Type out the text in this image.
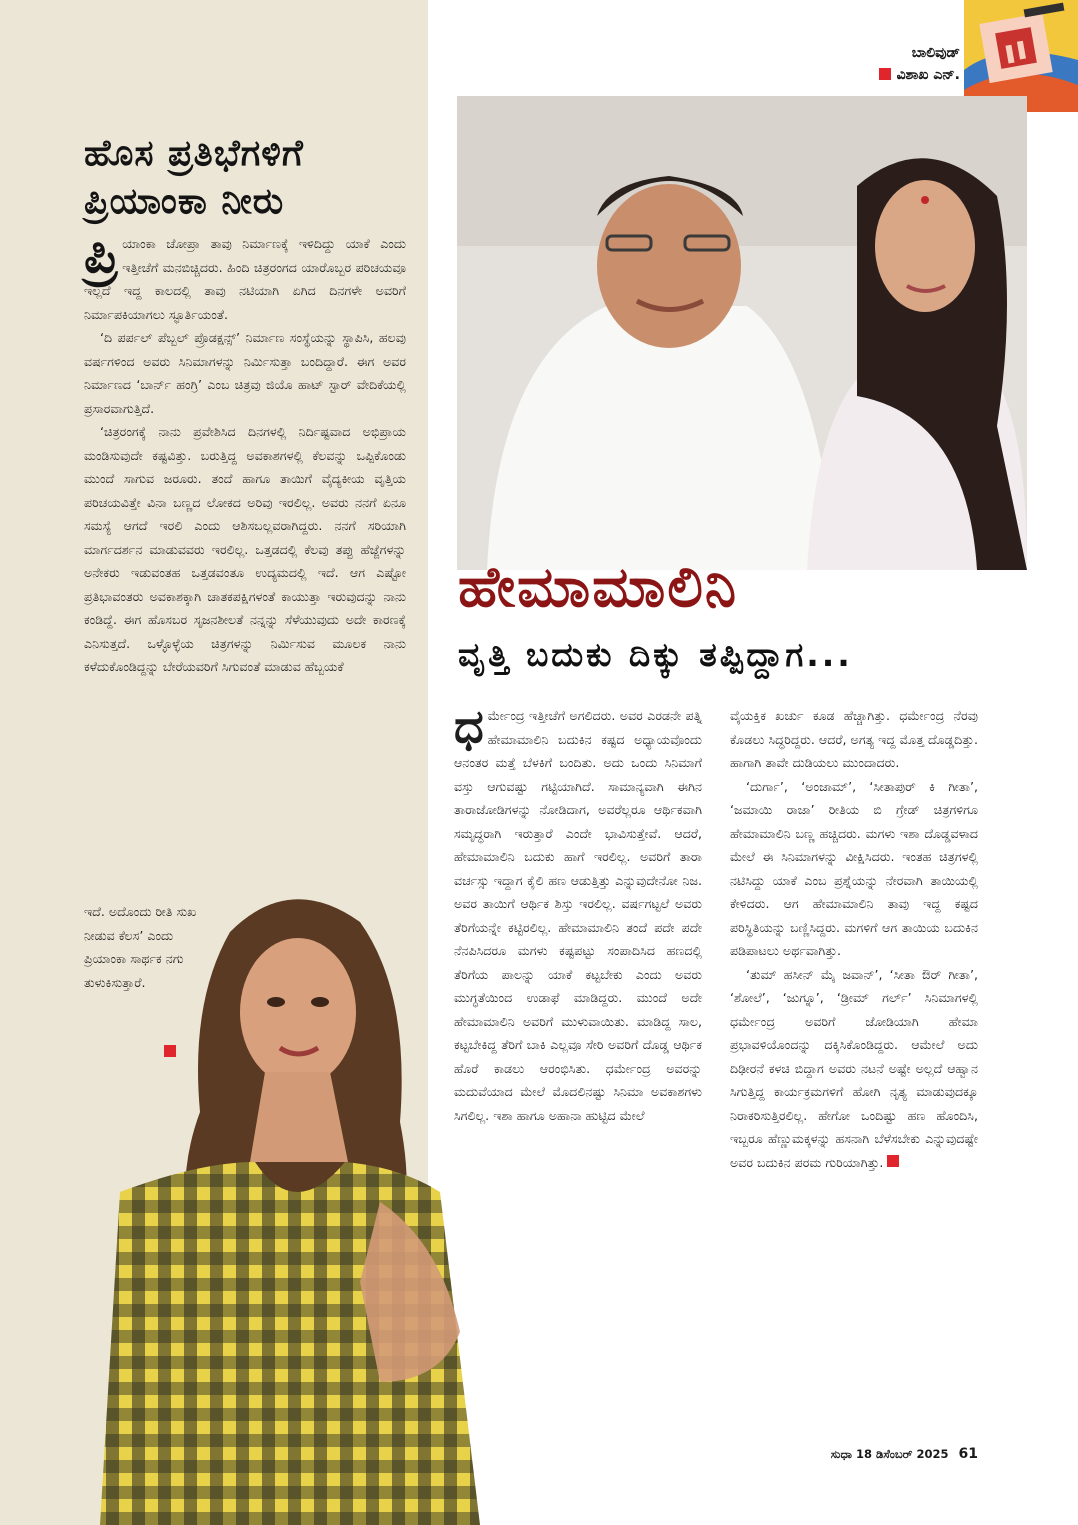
ಬಾಲಿವುಡ್
ವಿಶಾಖ ಎನ್.
ಹೊಸ ಪ್ರತಿಭೆಗಳಿಗೆ
ಪ್ರಿಯಾಂಕಾ ನೀರು

ಪ್ರಿ ಯಾಂಕಾ ಚೋಪ್ರಾ ತಾವು ನಿರ್ಮಾಣಕ್ಕೆ ಇಳಿದಿದ್ದು ಯಾಕೆ ಎಂದು ಇತ್ತೀಚೆಗೆ ಮನಬಿಚ್ಚಿದರು. ಹಿಂದಿ ಚಿತ್ರರಂಗದ ಯಾರೊಬ್ಬರ ಪರಿಚಯವೂ ಇಲ್ಲದೆ ಇದ್ದ ಕಾಲದಲ್ಲಿ ತಾವು ನಟಿಯಾಗಿ ಏಗಿದ ದಿನಗಳೇ ಅವರಿಗೆ ನಿರ್ಮಾಪಕಿಯಾಗಲು ಸ್ಫೂರ್ತಿಯಂತೆ.

‘ದಿ ಪರ್ಪಲ್ ಪೆಬ್ಬಲ್ ಪ್ರೊಡಕ್ಷನ್ಸ್’ ನಿರ್ಮಾಣ ಸಂಸ್ಥೆಯನ್ನು ಸ್ಥಾಪಿಸಿ, ಹಲವು ವರ್ಷಗಳಿಂದ ಅವರು ಸಿನಿಮಾಗಳನ್ನು ನಿರ್ಮಿಸುತ್ತಾ ಬಂದಿದ್ದಾರೆ. ಈಗ ಅವರ ನಿರ್ಮಾಣದ ‘ಬಾರ್ನ್ ಹಂಗ್ರಿ’ ಎಂಬ ಚಿತ್ರವು ಜಿಯೊ ಹಾಟ್ ಸ್ಟಾರ್ ವೇದಿಕೆಯಲ್ಲಿ ಪ್ರಸಾರವಾಗುತ್ತಿದೆ.

‘ಚಿತ್ರರಂಗಕ್ಕೆ ನಾನು ಪ್ರವೇಶಿಸಿದ ದಿನಗಳಲ್ಲಿ ನಿರ್ದಿಷ್ಟವಾದ ಅಭಿಪ್ರಾಯ ಮಂಡಿಸುವುದೇ ಕಷ್ಟವಿತ್ತು. ಬರುತ್ತಿದ್ದ ಅವಕಾಶಗಳಲ್ಲಿ ಕೆಲವನ್ನು ಒಪ್ಪಿಕೊಂಡು ಮುಂದೆ ಸಾಗುವ ಜರೂರು. ತಂದೆ ಹಾಗೂ ತಾಯಿಗೆ ವೈದ್ಯಕೀಯ ವೃತ್ತಿಯ ಪರಿಚಯವಿತ್ತೇ ವಿನಾ ಬಣ್ಣದ ಲೋಕದ ಅರಿವು ಇರಲಿಲ್ಲ. ಅವರು ನನಗೆ ಏನೂ ಸಮಸ್ಯೆ ಆಗದೆ ಇರಲಿ ಎಂದು ಆಶಿಸಬಲ್ಲವರಾಗಿದ್ದರು. ನನಗೆ ಸರಿಯಾಗಿ ಮಾರ್ಗದರ್ಶನ ಮಾಡುವವರು ಇರಲಿಲ್ಲ. ಒತ್ತಡದಲ್ಲಿ ಕೆಲವು ತಪ್ಪು ಹೆಜ್ಜೆಗಳನ್ನು ಅನೇಕರು ಇಡುವಂತಹ ಒತ್ತಡವಂತೂ ಉದ್ಯಮದಲ್ಲಿ ಇದೆ. ಆಗ ಎಷ್ಟೋ ಪ್ರತಿಭಾವಂತರು ಅವಕಾಶಕ್ಕಾಗಿ ಚಾತಕಪಕ್ಷಿಗಳಂತೆ ಕಾಯುತ್ತಾ ಇರುವುದನ್ನು ನಾನು ಕಂಡಿದ್ದೆ. ಈಗ ಹೊಸಬರ ಸೃಜನಶೀಲತೆ ನನ್ನನ್ನು ಸೆಳೆಯುವುದು ಅದೇ ಕಾರಣಕ್ಕೆ ಎನಿಸುತ್ತದೆ. ಒಳ್ಳೊಳ್ಳೆಯ ಚಿತ್ರಗಳನ್ನು ನಿರ್ಮಿಸುವ ಮೂಲಕ ನಾನು ಕಳೆದುಕೊಂಡಿದ್ದನ್ನು ಬೇರೆಯವರಿಗೆ ಸಿಗುವಂತೆ ಮಾಡುವ ಹೆಬ್ಬಯಕೆ

ಇದೆ. ಅದೊಂದು ರೀತಿ ಸುಖ ನೀಡುವ ಕೆಲಸ’ ಎಂದು ಪ್ರಿಯಾಂಕಾ ಸಾರ್ಥಕ ನಗು ತುಳುಕಿಸುತ್ತಾರೆ.
ಹೇಮಾಮಾಲಿನಿ
ವೃತ್ತಿ ಬದುಕು ದಿಕ್ಕು ತಪ್ಪಿದ್ದಾಗ...

ಧರ್ಮೇಂದ್ರ ಇತ್ತೀಚೆಗೆ ಅಗಲಿದರು. ಅವರ ಎರಡನೇ ಪತ್ನಿ ಹೇಮಾಮಾಲಿನಿ ಬದುಕಿನ ಕಷ್ಟದ ಅಧ್ಯಾಯವೊಂದು ಆನಂತರ ಮತ್ತೆ ಬೆಳಕಿಗೆ ಬಂದಿತು. ಅದು ಒಂದು ಸಿನಿಮಾಗೆ ವಸ್ತು ಆಗುವಷ್ಟು ಗಟ್ಟಿಯಾಗಿದೆ. ಸಾಮಾನ್ಯವಾಗಿ ಈಗಿನ ತಾರಾಜೋಡಿಗಳನ್ನು ನೋಡಿದಾಗ, ಅವರೆಲ್ಲರೂ ಆರ್ಥಿಕವಾಗಿ ಸಮೃದ್ಧರಾಗಿ ಇರುತ್ತಾರೆ ಎಂದೇ ಭಾವಿಸುತ್ತೇವೆ. ಆದರೆ, ಹೇಮಾಮಾಲಿನಿ ಬದುಕು ಹಾಗೆ ಇರಲಿಲ್ಲ. ಅವರಿಗೆ ತಾರಾ ವರ್ಚಸ್ಸು ಇದ್ದಾಗ ಕೈಲಿ ಹಣ ಆಡುತ್ತಿತ್ತು ಎನ್ನುವುದೇನೋ ನಿಜ. ಅವರ ತಾಯಿಗೆ ಆರ್ಥಿಕ ಶಿಸ್ತು ಇರಲಿಲ್ಲ. ವರ್ಷಗಟ್ಟಲೆ ಅವರು ತೆರಿಗೆಯನ್ನೇ ಕಟ್ಟಿರಲಿಲ್ಲ. ಹೇಮಾಮಾಲಿನಿ ತಂದೆ ಪದೇ ಪದೇ ನೆನಪಿಸಿದರೂ ಮಗಳು ಕಷ್ಟಪಟ್ಟು ಸಂಪಾದಿಸಿದ ಹಣದಲ್ಲಿ ತೆರಿಗೆಯ ಪಾಲನ್ನು ಯಾಕೆ ಕಟ್ಟಬೇಕು ಎಂದು ಅವರು ಮುಗ್ಧತೆಯಿಂದ ಉಡಾಫೆ ಮಾಡಿದ್ದರು. ಮುಂದೆ ಅದೇ ಹೇಮಾಮಾಲಿನಿ ಅವರಿಗೆ ಮುಳುವಾಯಿತು. ಮಾಡಿದ್ದ ಸಾಲ, ಕಟ್ಟಬೇಕಿದ್ದ ತೆರಿಗೆ ಬಾಕಿ ಎಲ್ಲವೂ ಸೇರಿ ಅವರಿಗೆ ದೊಡ್ಡ ಆರ್ಥಿಕ ಹೊರೆ ಕಾಡಲು ಆರಂಭಿಸಿತು. ಧರ್ಮೇಂದ್ರ ಅವರನ್ನು ಮದುವೆಯಾದ ಮೇಲೆ ಮೊದಲಿನಷ್ಟು ಸಿನಿಮಾ ಅವಕಾಶಗಳು ಸಿಗಲಿಲ್ಲ. ಇಶಾ ಹಾಗೂ ಅಹಾನಾ ಹುಟ್ಟಿದ ಮೇಲೆ

ವೈಯಕ್ತಿಕ ಖರ್ಚು ಕೂಡ ಹೆಚ್ಚಾಗಿತ್ತು. ಧರ್ಮೇಂದ್ರ ನೆರವು ಕೊಡಲು ಸಿದ್ಧರಿದ್ದರು. ಆದರೆ, ಅಗತ್ಯ ಇದ್ದ ಮೊತ್ತ ದೊಡ್ಡದಿತ್ತು. ಹಾಗಾಗಿ ತಾವೇ ದುಡಿಯಲು ಮುಂದಾದರು.

‘ದುರ್ಗಾ’, ‘ಅಂಜಾಮ್’, ‘ಸೀತಾಪುರ್ ಕಿ ಗೀತಾ’, ‘ಜಮಾಯಿ ರಾಜಾ’ ರೀತಿಯ ಬಿ ಗ್ರೇಡ್ ಚಿತ್ರಗಳಿಗೂ ಹೇಮಾಮಾಲಿನಿ ಬಣ್ಣ ಹಚ್ಚಿದರು. ಮಗಳು ಇಶಾ ದೊಡ್ಡವಳಾದ ಮೇಲೆ ಈ ಸಿನಿಮಾಗಳನ್ನು ವೀಕ್ಷಿಸಿದರು. ಇಂತಹ ಚಿತ್ರಗಳಲ್ಲಿ ನಟಿಸಿದ್ದು ಯಾಕೆ ಎಂಬ ಪ್ರಶ್ನೆಯನ್ನು ನೇರವಾಗಿ ತಾಯಿಯಲ್ಲಿ ಕೇಳಿದರು. ಆಗ ಹೇಮಾಮಾಲಿನಿ ತಾವು ಇದ್ದ ಕಷ್ಟದ ಪರಿಸ್ಥಿತಿಯನ್ನು ಬಣ್ಣಿಸಿದ್ದರು. ಮಗಳಿಗೆ ಆಗ ತಾಯಿಯ ಬದುಕಿನ ಪಡಿಪಾಟಲು ಅರ್ಥವಾಗಿತ್ತು.

‘ತುಮ್ ಹಸೀನ್ ಮೈ ಜವಾನ್’, ‘ಸೀತಾ ಔರ್ ಗೀತಾ’, ‘ಶೋಲೆ’, ‘ಜುಗ್ನೂ’, ‘ಡ್ರೀಮ್ ಗರ್ಲ್’ ಸಿನಿಮಾಗಳಲ್ಲಿ ಧರ್ಮೇಂದ್ರ ಅವರಿಗೆ ಜೋಡಿಯಾಗಿ ಹೇಮಾ ಪ್ರಭಾವಳಿಯೊಂದನ್ನು ದಕ್ಕಿಸಿಕೊಂಡಿದ್ದರು. ಆಮೇಲೆ ಅದು ದಿಢೀರನೆ ಕಳಚಿ ಬಿದ್ದಾಗ ಅವರು ನಟನೆ ಅಷ್ಟೇ ಅಲ್ಲದೆ ಆಹ್ವಾನ ಸಿಗುತ್ತಿದ್ದ ಕಾರ್ಯಕ್ರಮಗಳಿಗೆ ಹೋಗಿ ನೃತ್ಯ ಮಾಡುವುದಕ್ಕೂ ನಿರಾಕರಿಸುತ್ತಿರಲಿಲ್ಲ. ಹೇಗೋ ಒಂದಿಷ್ಟು ಹಣ ಹೊಂದಿಸಿ, ಇಬ್ಬರೂ ಹೆಣ್ಣುಮಕ್ಕಳನ್ನು ಹಸನಾಗಿ ಬೆಳೆಸಬೇಕು ಎನ್ನುವುದಷ್ಟೇ ಅವರ ಬದುಕಿನ ಪರಮ ಗುರಿಯಾಗಿತ್ತು.

ಸುಧಾ 18 ಡಿಸೆಂಬರ್ 2025 61
